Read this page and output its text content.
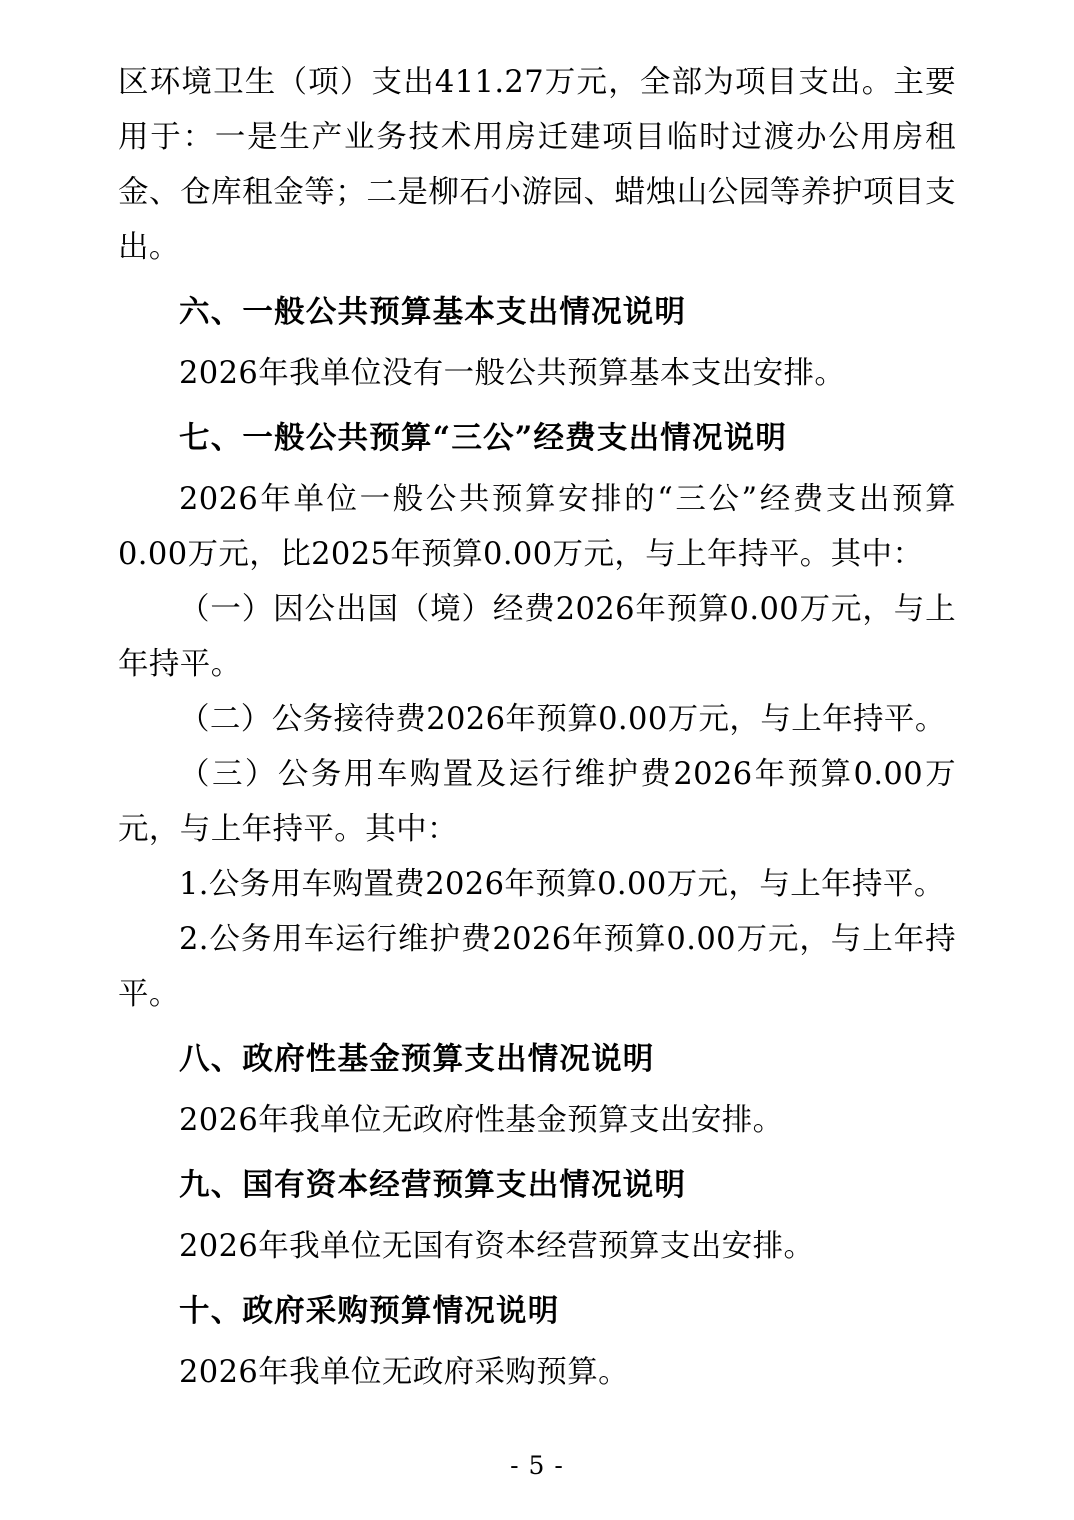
区环境卫生（项）支出411.27万元，全部为项目支出。主要用于：一是生产业务技术用房迁建项目临时过渡办公用房租金、仓库租金等；二是柳石小游园、蜡烛山公园等养护项目支出。

六、一般公共预算基本支出情况说明

2026年我单位没有一般公共预算基本支出安排。

七、一般公共预算“三公”经费支出情况说明

2026年单位一般公共预算安排的“三公”经费支出预算0.00万元，比2025年预算0.00万元，与上年持平。其中：

（一）因公出国（境）经费2026年预算0.00万元，与上年持平。

（二）公务接待费2026年预算0.00万元，与上年持平。

（三）公务用车购置及运行维护费2026年预算0.00万元，与上年持平。其中：

1.公务用车购置费2026年预算0.00万元，与上年持平。

2.公务用车运行维护费2026年预算0.00万元，与上年持平。

八、政府性基金预算支出情况说明

2026年我单位无政府性基金预算支出安排。

九、国有资本经营预算支出情况说明

2026年我单位无国有资本经营预算支出安排。

十、政府采购预算情况说明

2026年我单位无政府采购预算。

- 5 -
